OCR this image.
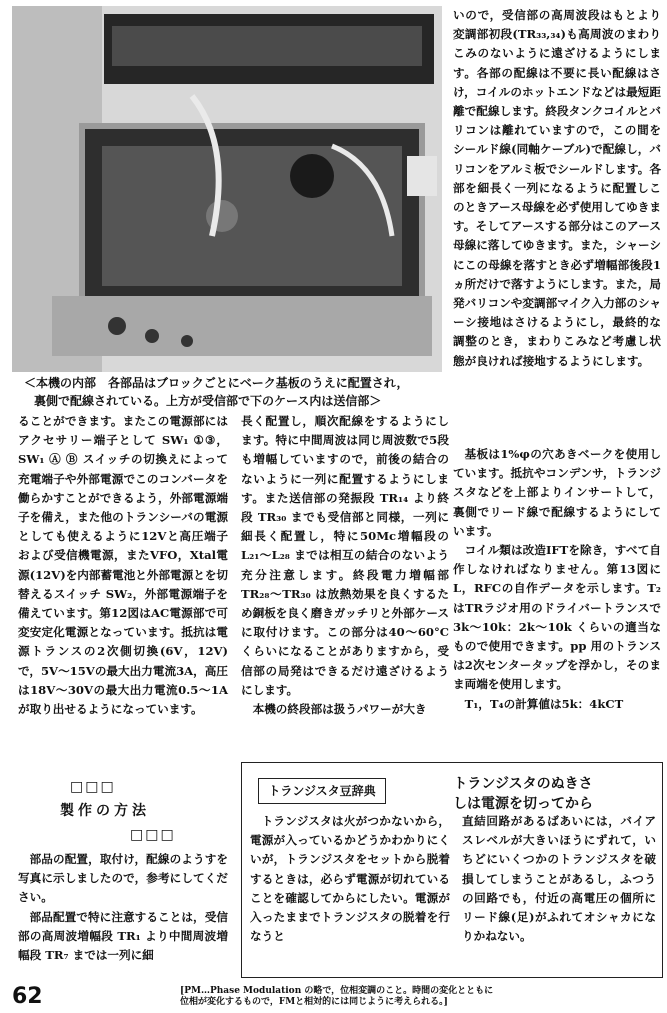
＜本機の内部　各部品はブロックごとにベーク基板のうえに配置され，
裏側で配線されている。上方が受信部で下のケース内は送信部＞

ることができます。またこの電源部にはアクセサリー端子として SW₁ ①③，SW₁ Ⓐ Ⓑ スイッチの切換えによって充電端子や外部電源でこのコンバータを働らかすことができるよう，外部電源端子を備え，また他のトランシーバの電源としても使えるように12Vと高圧端子および受信機電源，またVFO，Xtal電源(12V)を内部蓄電池と外部電源とを切替えるスイッチ SW₂，外部電源端子を備えています。第12図はAC電源部で可変安定化電源となっています。抵抗は電源トランスの2次側切換(6V，12V)で，5V〜15Vの最大出力電流3A，高圧は18V〜30Vの最大出力電流0.5〜1Aが取り出せるようになっています。

□□□
製作の方法
□□□

部品の配置，取付け，配線のようすを写真に示しましたので，参考にしてください。

部品配置で特に注意することは，受信部の高周波増幅段 TR₁ より中間周波増幅段 TR₇ までは一列に細

長く配置し，順次配線をするようにします。特に中間周波は同じ周波数で5段も増幅していますので，前後の結合のないように一列に配置するようにします。また送信部の発振段 TR₁₄ より終段 TR₃₀ までも受信部と同様，一列に細長く配置し，特に50Mc増幅段の L₂₁〜L₂₈ までは相互の結合のないよう充分注意します。終段電力増幅部 TR₂₈〜TR₃₀ は放熱効果を良くするため銅板を良く磨きガッチリと外部ケースに取付けます。この部分は40〜60°C くらいになることがありますから，受信部の局発はできるだけ遠ざけるようにします。

本機の終段部は扱うパワーが大き

いので，受信部の高周波段はもとより変調部初段(TR₃₃,₃₄)も高周波のまわりこみのないように遠ざけるようにします。各部の配線は不要に長い配線はさけ，コイルのホットエンドなどは最短距離で配線します。終段タンクコイルとバリコンは離れていますので，この間をシールド線(同軸ケーブル)で配線し，バリコンをアルミ板でシールドします。各部を細長く一列になるように配置しこのときアース母線を必ず使用してゆきます。そしてアースする部分はこのアース母線に落してゆきます。また，シャーシにこの母線を落すとき必ず増幅部後段1ヵ所だけで落すようにします。また，局発バリコンや変調部マイク入力部のシャーシ接地はさけるようにし，最終的な調整のとき，まわりこみなど考慮し状態が良ければ接地するようにします。

基板は1%φの穴あきベークを使用しています。抵抗やコンデンサ，トランジスタなどを上部よりインサートして，裏側でリード線で配線するようにしています。

コイル類は改造IFTを除き，すべて自作しなければなりません。第13図にL，RFCの自作データを示します。T₂ はTRラジオ用のドライバートランスで 3k〜10k：2k〜10k くらいの適当なもので使用できます。pp 用のトランスは2次センタータップを浮かし，そのまま両端を使用します。

T₁，T₄の計算値は5k：4kCT

トランジスタ豆辞典	トランジスタのぬきさ
しは電源を切ってから

トランジスタは火がつかないから，電源が入っているかどうかわかりにくいが，トランジスタをセットから脱着するときは，必らず電源が切れていることを確認してからにしたい。電源が入ったままでトランジスタの脱着を行なうと

直結回路があるばあいには，バイアスレベルが大きいほうにずれて，いちどにいくつかのトランジスタを破損してしまうことがあるし，ふつうの回路でも，付近の高電圧の個所にリード線(足)がふれてオシャカになりかねない。

62	[PM…Phase Modulation の略で，位相変調のこと。時間の変化とともに
位相が変化するもので，FMと相対的には同じように考えられる。]
